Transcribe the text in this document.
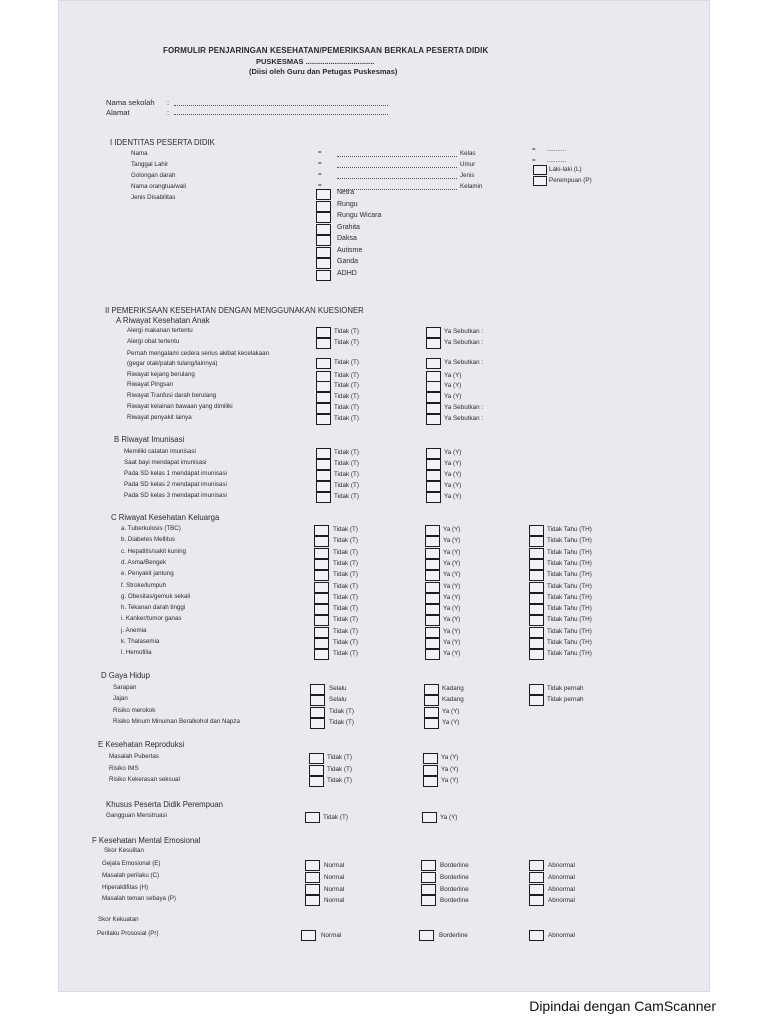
FORMULIR PENJARINGAN KESEHATAN/PEMERIKSAAN BERKALA PESERTA DIDIK
PUSKESMAS .................................
(Diisi oleh Guru dan Petugas Puskesmas)
Nama sekolah :
Alamat	:
I IDENTITAS PESERTA DIDIK
Nama	=	Kelas
Tanggal Lahir	=	Umur
Golongan darah	=	Jenis
Nama orangtua/wali	=	Kelamin
= ...........
= ...........
Laki-laki (L)
Perempuan (P)
Jenis Disabilitas
Netra
Rungu
Rungu Wicara
Grahita
Daksa
Autisme
Ganda
ADHD
II PEMERIKSAAN KESEHATAN DENGAN MENGGUNAKAN KUESIONER
A Riwayat Kesehatan Anak
Alergi makanan tertentu	Tidak (T)	Ya Sebutkan :
Alergi obat tertentu	Tidak (T)	Ya Sebutkan :
Pernah mengalami cedera serius akibat kecelakaan
(gegar otak/patah tulang/lainnya)	Tidak (T)	Ya Sebutkan :
Riwayat kejang berulang	Tidak (T)	Ya (Y)
Riwayat Pingsan	Tidak (T)	Ya (Y)
Riwayat Tranfusi darah berulang	Tidak (T)	Ya (Y)
Riwayat kelainan bawaan yang dimiliki	Tidak (T)	Ya Sebutkan :
Riwayat penyakit lainya	Tidak (T)	Ya Sebutkan :
B Riwayat Imunisasi
Memiliki catatan imunisasi	Tidak (T)	Ya (Y)
Saat bayi mendapat imunisasi	Tidak (T)	Ya (Y)
Pada SD kelas 1 mendapat imunisasi	Tidak (T)	Ya (Y)
Pada SD kelas 2 mendapat imunisasi	Tidak (T)	Ya (Y)
Pada SD kelas 3 mendapat imunisasi	Tidak (T)	Ya (Y)
C Riwayat Kesehatan Keluarga
a. Tuberkulosis (TBC)	Tidak (T)	Ya (Y)	Tidak Tahu (TH)
b. Diabetes Mellitus	Tidak (T)	Ya (Y)	Tidak Tahu (TH)
c. Hepatitis/sakit kuning	Tidak (T)	Ya (Y)	Tidak Tahu (TH)
d. Asma/Bengek	Tidak (T)	Ya (Y)	Tidak Tahu (TH)
e. Penyakit jantung	Tidak (T)	Ya (Y)	Tidak Tahu (TH)
f. Stroke/lumpuh	Tidak (T)	Ya (Y)	Tidak Tahu (TH)
g. Obesitas/gemuk sekali	Tidak (T)	Ya (Y)	Tidak Tahu (TH)
h. Tekanan darah tinggi	Tidak (T)	Ya (Y)	Tidak Tahu (TH)
i. Kanker/tumor ganas	Tidak (T)	Ya (Y)	Tidak Tahu (TH)
j. Anemia	Tidak (T)	Ya (Y)	Tidak Tahu (TH)
k. Thalasemia	Tidak (T)	Ya (Y)	Tidak Tahu (TH)
l. Hemofilia	Tidak (T)	Ya (Y)	Tidak Tahu (TH)
D Gaya Hidup
Sarapan	Selalu	Kadang	Tidak pernah
Jajan	Selalu	Kadang	Tidak pernah
Risiko merokok	Tidak (T)	Ya (Y)
Risiko Minum Minuman Beralkohol dan Napza	Tidak (T)	Ya (Y)
E Kesehatan Reproduksi
Masalah Pubertas	Tidak (T)	Ya (Y)
Risiko IMS	Tidak (T)	Ya (Y)
Risiko Kekerasan seksual	Tidak (T)	Ya (Y)
Khusus Peserta Didik Perempuan
Gangguan Menstruasi	Tidak (T)	Ya (Y)
F Kesehatan Mental Emosional
Skor Kesulitan
Gejala Emosional (E)	Normal	Borderline	Abnormal
Masalah perilaku (C)	Normal	Borderline	Abnormal
Hiperaktifitas (H)	Normal	Borderline	Abnormal
Masalah teman sebaya (P)	Normal	Borderline	Abnormal
Skor Kekuatan
Perilaku Prososial (Pr)	Normal	Borderline	Abnormal
Dipindai dengan CamScanner
